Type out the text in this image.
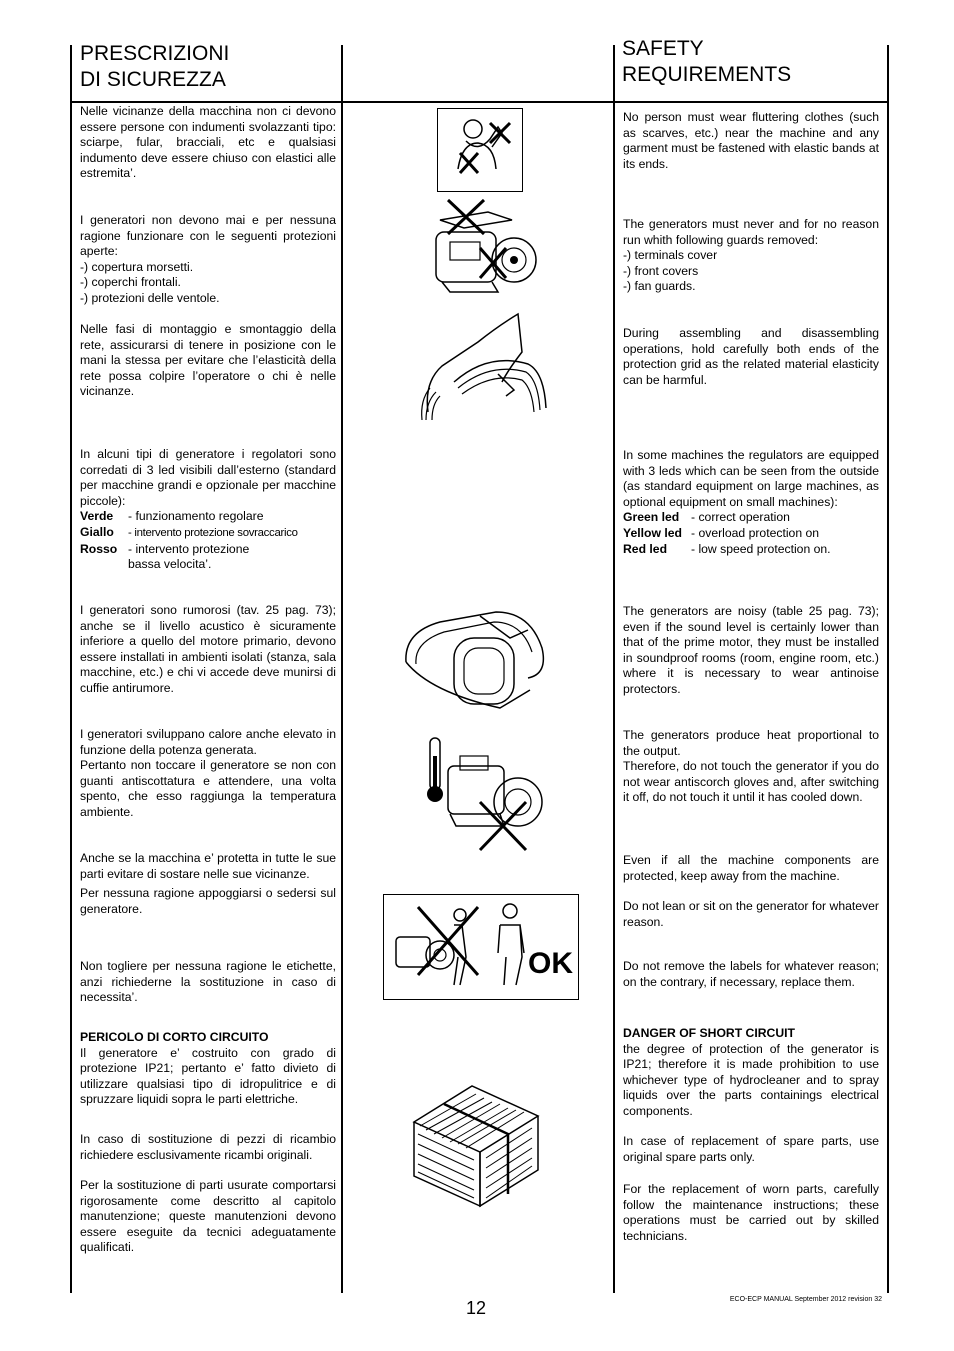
PRESCRIZIONI
DI SICUREZZA
SAFETY
REQUIREMENTS
Nelle vicinanze della macchina non ci devono essere persone con indumenti svolazzanti tipo: sciarpe, fular, bracciali, etc e qualsiasi indumento deve essere chiuso con elastici alle estremita’.
I generatori non devono mai e per nessuna ragione funzionare con le seguenti protezioni aperte:
-) copertura morsetti.
-) coperchi frontali.
-) protezioni delle ventole.
Nelle fasi di montaggio e smontaggio della rete, assicurarsi di tenere in posizione con le mani la stessa per evitare che l’elasticità della rete possa colpire l’operatore o chi è nelle vicinanze.
In alcuni tipi di generatore i regolatori sono corredati di 3 led visibili dall’esterno (standard per macchine grandi e opzionale per macchine piccole):
Verde - funzionamento regolare
Giallo - intervento protezione sovraccarico
Rosso - intervento protezione bassa velocita’.
I generatori sono rumorosi (tav. 25 pag. 73); anche se il livello acustico è sicuramente inferiore a quello del motore primario, devono essere installati in ambienti isolati (stanza, sala macchine, etc.) e chi vi accede deve munirsi di cuffie antirumore.
I generatori sviluppano calore anche elevato in funzione della potenza generata.
Pertanto non toccare il generatore se non con guanti antiscottatura e attendere, una volta spento, che esso raggiunga la temperatura ambiente.
Anche se la macchina e’ protetta in tutte le sue parti evitare di sostare nelle sue vicinanze.
Per nessuna ragione appoggiarsi o sedersi sul generatore.
Non togliere per nessuna ragione le etichette, anzi richiederne la sostituzione in caso di necessita’.
PERICOLO DI CORTO CIRCUITO
Il generatore e’ costruito con grado di protezione IP21; pertanto e’ fatto divieto di utilizzare qualsiasi tipo di idropulitrice e di spruzzare liquidi sopra le parti elettriche.
In caso di sostituzione di pezzi di ricambio richiedere esclusivamente ricambi originali.
Per la sostituzione di parti usurate comportarsi rigorosamente come descritto al capitolo manutenzione; queste manutenzioni devono essere eseguite da tecnici adeguatamente qualificati.
No person must wear fluttering clothes (such as scarves, etc.) near the machine and any garment must be fastened with elastic bands at its ends.
The generators must never and for no reason run whith following guards removed:
-) terminals cover
-) front covers
-) fan guards.
During assembling and disassembling operations, hold carefully both ends of the protection grid as the related material elasticity can be harmful.
In some machines the regulators are equipped with 3 leds which can be seen from the outside (as standard equipment on large machines, as optional equipment on small machines):
Green led - correct operation
Yellow led - overload protection on
Red led - low speed protection on.
The generators are noisy (table 25 pag. 73); even if the sound level is certainly lower than that of the prime motor, they must be installed in soundproof rooms (room, engine room, etc.) where it is necessary to wear antinoise protectors.
The generators produce heat proportional to the output.
Therefore, do not touch the generator if you do not wear antiscorch gloves and, after switching it off, do not touch it until it has cooled down.
Even if all the machine components are protected, keep away from the machine.
Do not lean or sit on the generator for whatever reason.
Do not remove the labels for whatever reason; on the contrary, if necessary, replace them.
DANGER OF SHORT CIRCUIT
the degree of protection of the generator is IP21; therefore it is made prohibition to use whichever type of hydrocleaner and to spray liquids over the parts containings electrical components.
In case of replacement of spare parts, use original spare parts only.
For the replacement of worn parts, carefully follow the maintenance instructions; these operations must be carried out by skilled technicians.
OK
12	ECO-ECP MANUAL September 2012 revision 32
